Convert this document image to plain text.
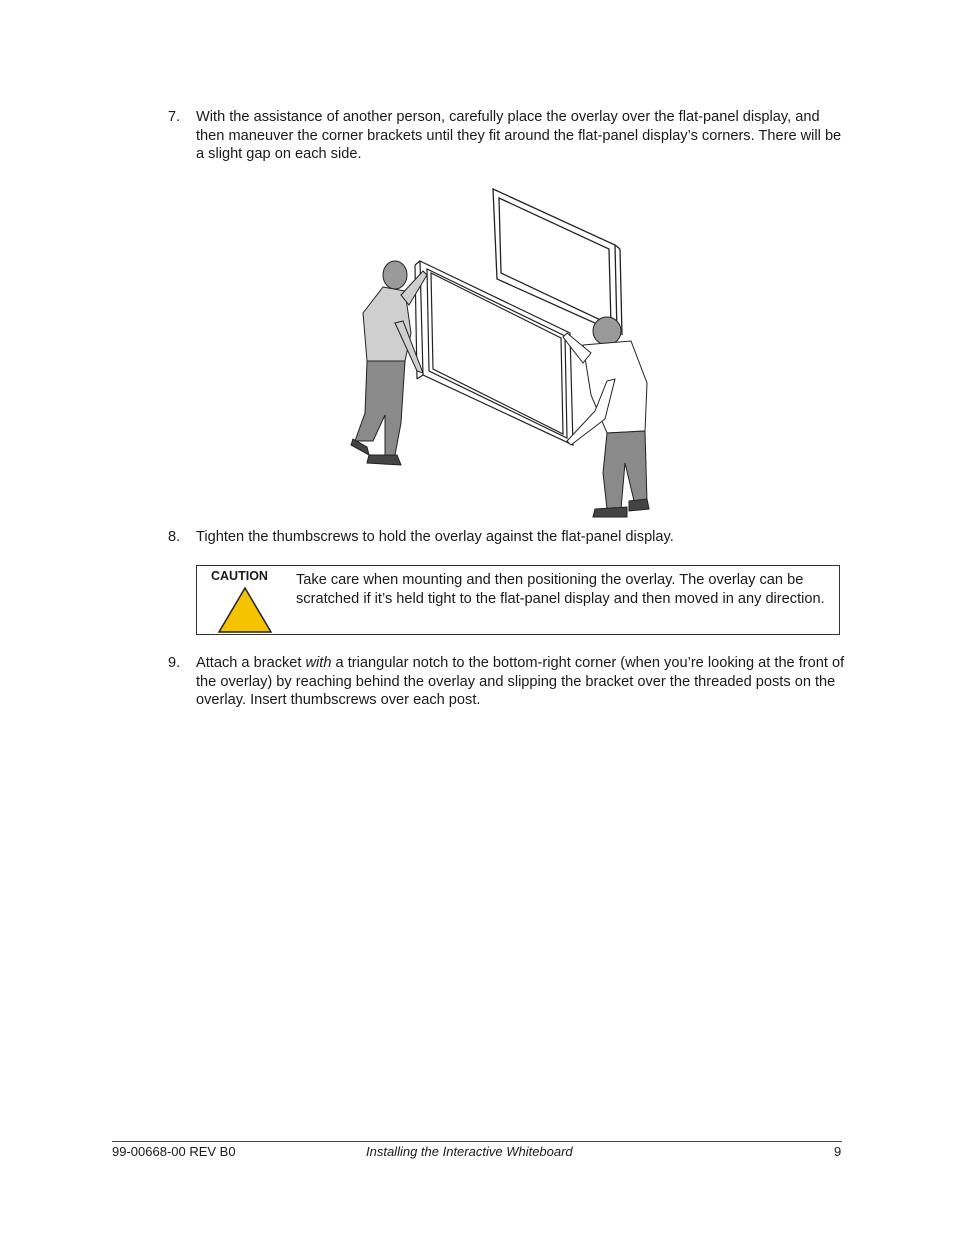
7. With the assistance of another person, carefully place the overlay over the flat-panel display, and then maneuver the corner brackets until they fit around the flat-panel display’s corners. There will be a slight gap on each side.
8. Tighten the thumbscrews to hold the overlay against the flat-panel display.
CAUTION Take care when mounting and then positioning the overlay. The overlay can be scratched if it’s held tight to the flat-panel display and then moved in any direction.
9. Attach a bracket with a triangular notch to the bottom-right corner (when you’re looking at the front of the overlay) by reaching behind the overlay and slipping the bracket over the threaded posts on the overlay. Insert thumbscrews over each post.
99-00668-00 REV B0	Installing the Interactive Whiteboard	9
